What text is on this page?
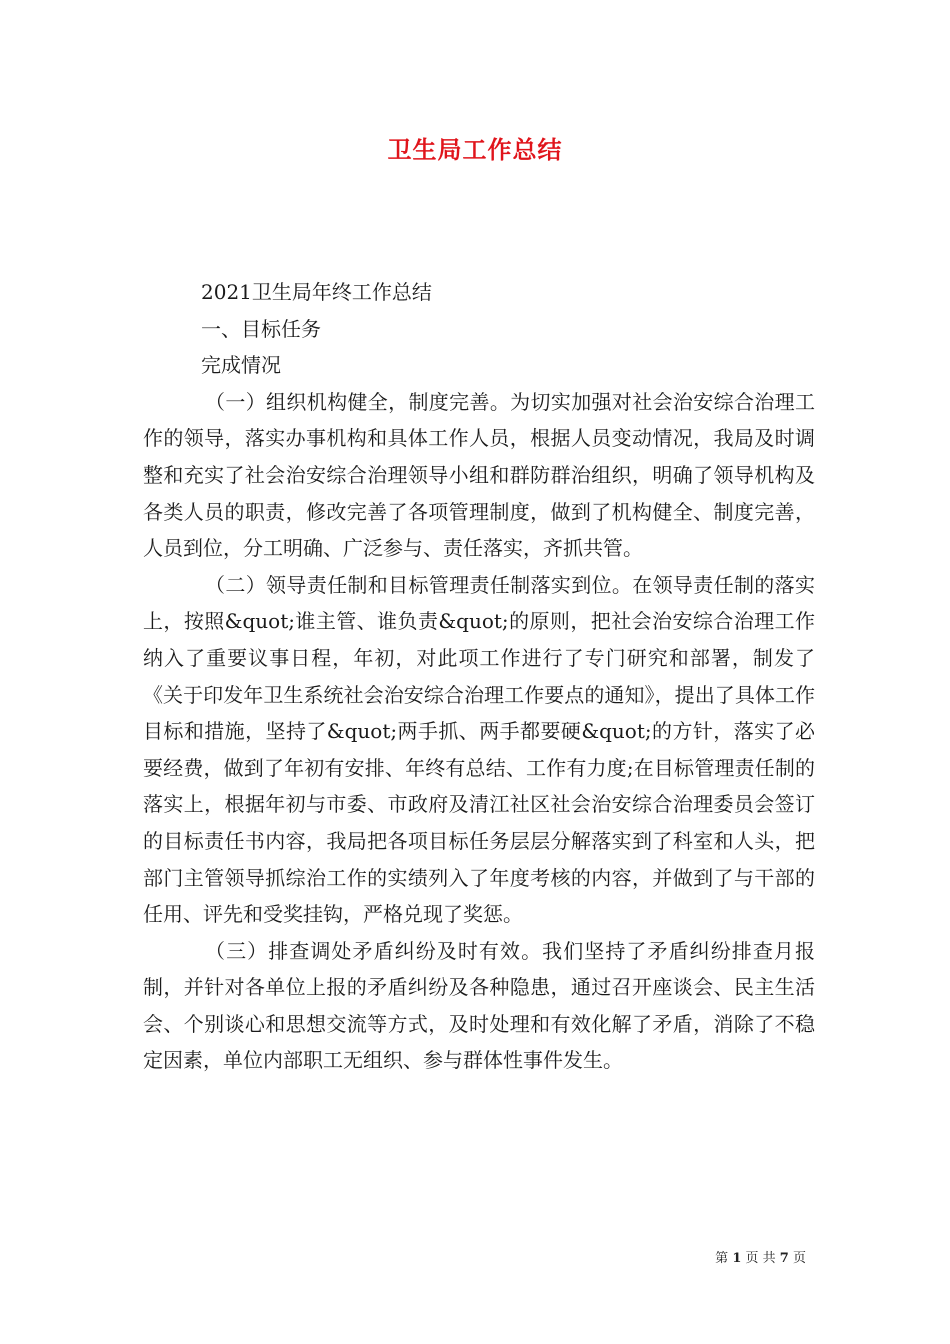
卫生局工作总结

2021卫生局年终工作总结

一、目标任务

完成情况

（一）组织机构健全，制度完善。为切实加强对社会治安综合治理工作的领导，落实办事机构和具体工作人员，根据人员变动情况，我局及时调整和充实了社会治安综合治理领导小组和群防群治组织，明确了领导机构及各类人员的职责，修改完善了各项管理制度，做到了机构健全、制度完善，人员到位，分工明确、广泛参与、责任落实，齐抓共管。

（二）领导责任制和目标管理责任制落实到位。在领导责任制的落实上，按照&quot;谁主管、谁负责&quot;的原则，把社会治安综合治理工作纳入了重要议事日程，年初，对此项工作进行了专门研究和部署，制发了《关于印发年卫生系统社会治安综合治理工作要点的通知》，提出了具体工作目标和措施，坚持了&quot;两手抓、两手都要硬&quot;的方针，落实了必要经费，做到了年初有安排、年终有总结、工作有力度;在目标管理责任制的落实上，根据年初与市委、市政府及清江社区社会治安综合治理委员会签订的目标责任书内容，我局把各项目标任务层层分解落实到了科室和人头，把部门主管领导抓综治工作的实绩列入了年度考核的内容，并做到了与干部的任用、评先和受奖挂钩，严格兑现了奖惩。

（三）排查调处矛盾纠纷及时有效。我们坚持了矛盾纠纷排查月报制，并针对各单位上报的矛盾纠纷及各种隐患，通过召开座谈会、民主生活会、个别谈心和思想交流等方式，及时处理和有效化解了矛盾，消除了不稳定因素，单位内部职工无组织、参与群体性事件发生。

第 1 页 共 7 页
